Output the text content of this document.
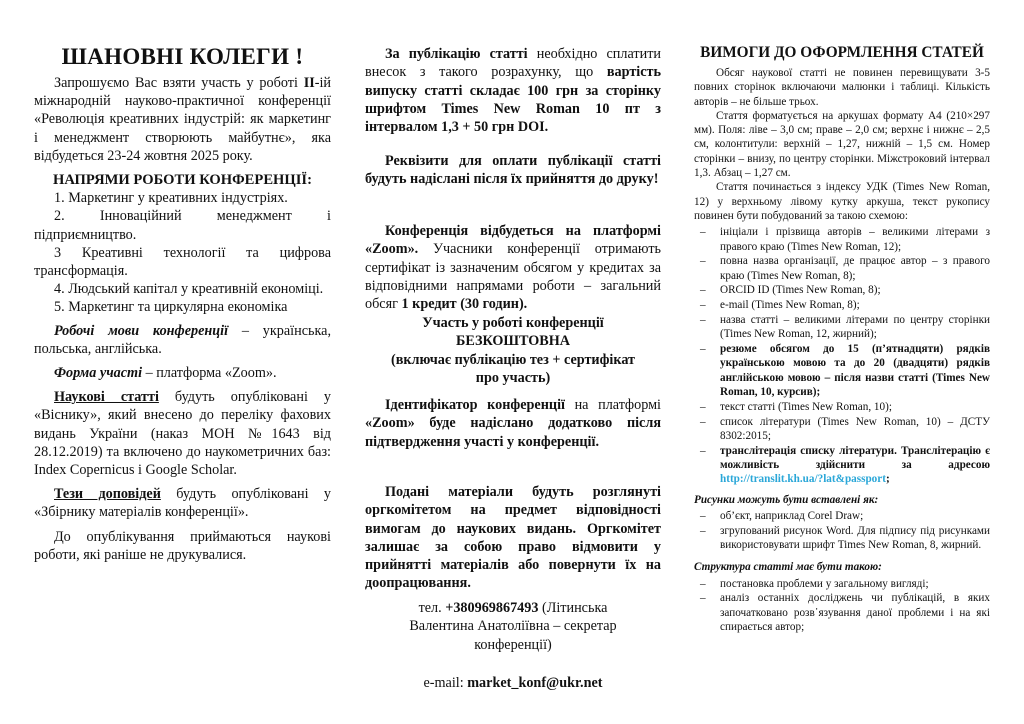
ШАНОВНІ КОЛЕГИ !

Запрошуємо Вас взяти участь у роботі II-ій міжнародній науково-практичної конференції «Революція креативних індустрій: як маркетинг і менеджмент створюють майбутнє», яка відбудеться 23-24 жовтня 2025 року.

НАПРЯМИ РОБОТИ КОНФЕРЕНЦІЇ:

1. Маркетинг у креативних індустріях.

2. Інноваційний менеджмент і підприємництво.

3 Креативні технології та цифрова трансформація.

4. Людський капітал у креативній економіці.

5. Маркетинг та циркулярна економіка

Робочі мови конференції – українська, польська, англійська.

Форма участі – платформа «Zoom».

Наукові статті будуть опубліковані у «Віснику», який внесено до переліку фахових видань України (наказ МОН №1643 від 28.12.2019) та включено до наукометричних баз: Index Copernicus і Google Scholar.

Тези доповідей будуть опубліковані у «Збірнику матеріалів конференції».

До опублікування приймаються наукові роботи, які раніше не друкувалися.

За публікацію статті необхідно сплатити внесок з такого розрахунку, що вартість випуску статті складає 100 грн за сторінку шрифтом Times New Roman 10 пт з інтервалом 1,3 + 50 грн DOI.

Реквізити для оплати публікації статті будуть надіслані після їх прийняття до друку!

Конференція відбудеться на платформі «Zoom». Учасники конференції отримають сертифікат із зазначеним обсягом у кредитах за відповідними напрямами роботи – загальний обсяг 1 кредит (30 годин).

Участь у роботі конференції
БЕЗКОШТОВНА
(включає публікацію тез + сертифікат про участь)

Ідентифікатор конференції на платформі «Zoom» буде надіслано додатково після підтвердження участі у конференції.

Подані матеріали будуть розглянуті оргкомітетом на предмет відповідності вимогам до наукових видань. Оргкомітет залишає за собою право відмовити у прийнятті матеріалів або повернути їх на доопрацювання.

тел. +380969867493 (Літинська Валентина Анатоліївна – секретар конференції)
e-mail: market_konf@ukr.net
ВИМОГИ ДО ОФОРМЛЕННЯ СТАТЕЙ

Обсяг наукової статті не повинен перевищувати 3-5 повних сторінок включаючи малюнки і таблиці. Кількість авторів – не більше трьох.

Стаття форматується на аркушах формату А4 (210×297 мм). Поля: ліве – 3,0 см; праве – 2,0 см; верхнє і нижнє – 2,5 см, колонтитули: верхній – 1,27, нижній – 1,5 см. Номер сторінки – внизу, по центру сторінки. Міжстроковий інтервал 1,3. Абзац – 1,27 см.

Стаття починається з індексу УДК (Times New Roman, 12) у верхньому лівому кутку аркуша, текст рукопису повинен бути побудований за такою схемою:

– ініціали і прізвища авторів – великими літерами з правого краю (Times New Roman, 12);
– повна назва організації, де працює автор – з правого краю (Times New Roman, 8);
– ORCID ID (Times New Roman, 8);
– e-mail (Times New Roman, 8);
– назва статті – великими літерами по центру сторінки (Times New Roman, 12, жирний);
– резюме обсягом до 15 (п’ятнадцяти) рядків українською мовою та до 20 (двадцяти) рядків англійською мовою – після назви статті (Times New Roman, 10, курсив);
– текст статті (Times New Roman, 10);
– список літератури (Times New Roman, 10) – ДСТУ 8302:2015;
– транслітерація списку літератури. Транслітерацію є можливість здійснити за адресою http://translit.kh.ua/?lat&passport;

Рисунки можуть бути вставлені як:

– об’єкт, наприклад Corel Draw;
– згрупований рисунок Word. Для підпису під рисунками використовувати шрифт Times New Roman, 8, жирний.

Структура статті має бути такою:

– постановка проблеми у загальному вигляді;
– аналіз останніх досліджень чи публікацій, в яких започатковано розв᾽язування даної проблеми і на які спирається автор;
